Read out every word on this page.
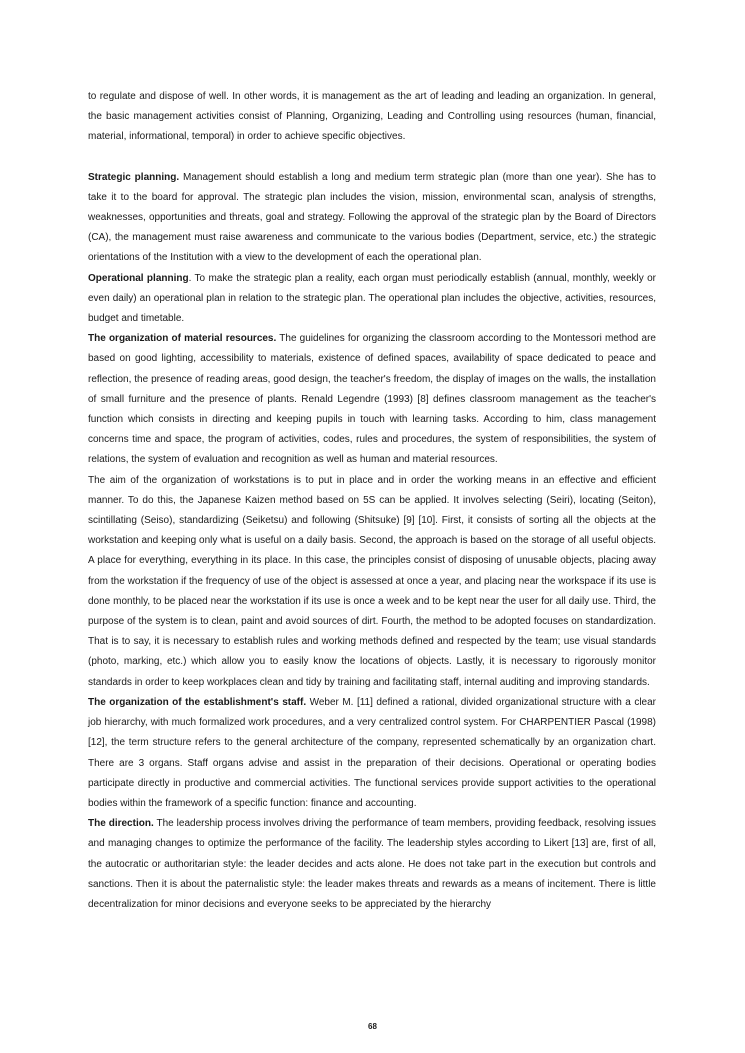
to regulate and dispose of well. In other words, it is management as the art of leading and leading an organization. In general, the basic management activities consist of Planning, Organizing, Leading and Controlling using resources (human, financial, material, informational, temporal) in order to achieve specific objectives.

Strategic planning. Management should establish a long and medium term strategic plan (more than one year). She has to take it to the board for approval. The strategic plan includes the vision, mission, environmental scan, analysis of strengths, weaknesses, opportunities and threats, goal and strategy. Following the approval of the strategic plan by the Board of Directors (CA), the management must raise awareness and communicate to the various bodies (Department, service, etc.) the strategic orientations of the Institution with a view to the development of each the operational plan.

Operational planning. To make the strategic plan a reality, each organ must periodically establish (annual, monthly, weekly or even daily) an operational plan in relation to the strategic plan. The operational plan includes the objective, activities, resources, budget and timetable.

The organization of material resources. The guidelines for organizing the classroom according to the Montessori method are based on good lighting, accessibility to materials, existence of defined spaces, availability of space dedicated to peace and reflection, the presence of reading areas, good design, the teacher's freedom, the display of images on the walls, the installation of small furniture and the presence of plants. Renald Legendre (1993) [8] defines classroom management as the teacher's function which consists in directing and keeping pupils in touch with learning tasks. According to him, class management concerns time and space, the program of activities, codes, rules and procedures, the system of responsibilities, the system of relations, the system of evaluation and recognition as well as human and material resources.

The aim of the organization of workstations is to put in place and in order the working means in an effective and efficient manner. To do this, the Japanese Kaizen method based on 5S can be applied. It involves selecting (Seiri), locating (Seiton), scintillating (Seiso), standardizing (Seiketsu) and following (Shitsuke) [9] [10]. First, it consists of sorting all the objects at the workstation and keeping only what is useful on a daily basis. Second, the approach is based on the storage of all useful objects. A place for everything, everything in its place. In this case, the principles consist of disposing of unusable objects, placing away from the workstation if the frequency of use of the object is assessed at once a year, and placing near the workspace if its use is done monthly, to be placed near the workstation if its use is once a week and to be kept near the user for all daily use. Third, the purpose of the system is to clean, paint and avoid sources of dirt. Fourth, the method to be adopted focuses on standardization. That is to say, it is necessary to establish rules and working methods defined and respected by the team; use visual standards (photo, marking, etc.) which allow you to easily know the locations of objects. Lastly, it is necessary to rigorously monitor standards in order to keep workplaces clean and tidy by training and facilitating staff, internal auditing and improving standards.

The organization of the establishment's staff. Weber M. [11] defined a rational, divided organizational structure with a clear job hierarchy, with much formalized work procedures, and a very centralized control system. For CHARPENTIER Pascal (1998) [12], the term structure refers to the general architecture of the company, represented schematically by an organization chart. There are 3 organs. Staff organs advise and assist in the preparation of their decisions. Operational or operating bodies participate directly in productive and commercial activities. The functional services provide support activities to the operational bodies within the framework of a specific function: finance and accounting.

The direction. The leadership process involves driving the performance of team members, providing feedback, resolving issues and managing changes to optimize the performance of the facility. The leadership styles according to Likert [13] are, first of all, the autocratic or authoritarian style: the leader decides and acts alone. He does not take part in the execution but controls and sanctions. Then it is about the paternalistic style: the leader makes threats and rewards as a means of incitement. There is little decentralization for minor decisions and everyone seeks to be appreciated by the hierarchy

68
